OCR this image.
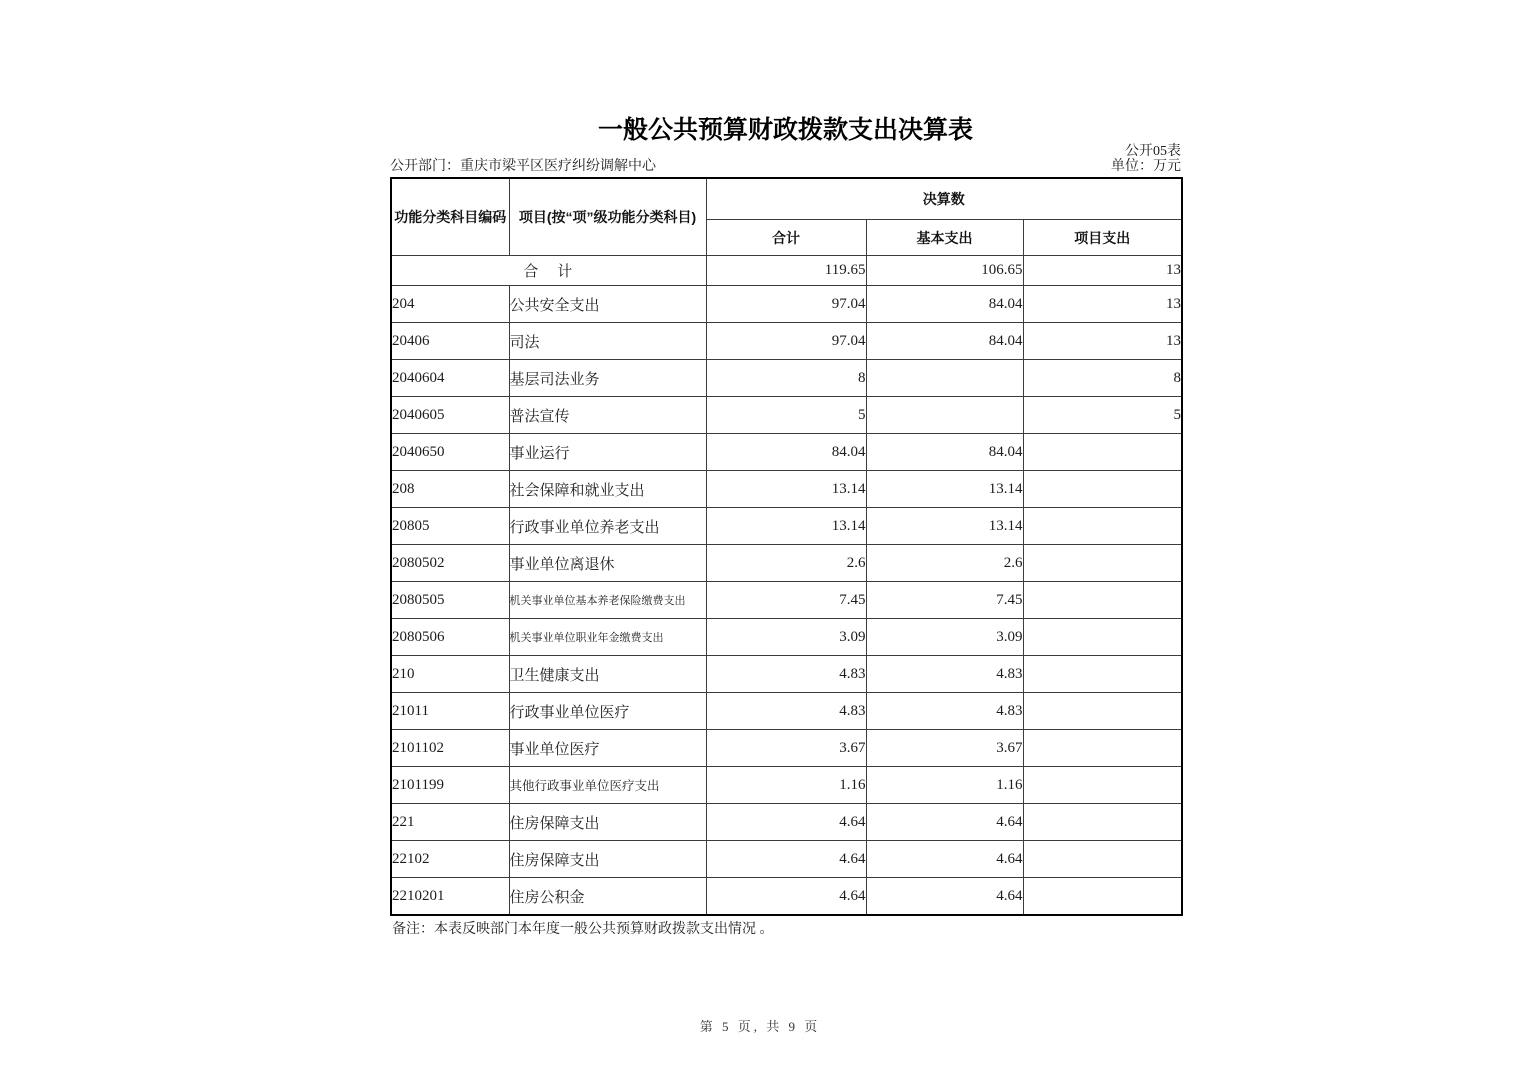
一般公共预算财政拨款支出决算表
公开05表
公开部门：重庆市梁平区医疗纠纷调解中心	单位：万元
功能分类科目编码	项目(按“项”级功能分类科目)	决算数		
		合计	基本支出	项目支出
合　计		119.65	106.65	13
204	公共安全支出	97.04	84.04	13
20406	司法	97.04	84.04	13
2040604	基层司法业务	8		8
2040605	普法宣传	5		5
2040650	事业运行	84.04	84.04	
208	社会保障和就业支出	13.14	13.14	
20805	行政事业单位养老支出	13.14	13.14	
2080502	事业单位离退休	2.6	2.6	
2080505	机关事业单位基本养老保险缴费支出	7.45	7.45	
2080506	机关事业单位职业年金缴费支出	3.09	3.09	
210	卫生健康支出	4.83	4.83	
21011	行政事业单位医疗	4.83	4.83	
2101102	事业单位医疗	3.67	3.67	
2101199	其他行政事业单位医疗支出	1.16	1.16	
221	住房保障支出	4.64	4.64	
22102	住房保障支出	4.64	4.64	
2210201	住房公积金	4.64	4.64	
备注：本表反映部门本年度一般公共预算财政拨款支出情况 。
第 5 页, 共 9 页
